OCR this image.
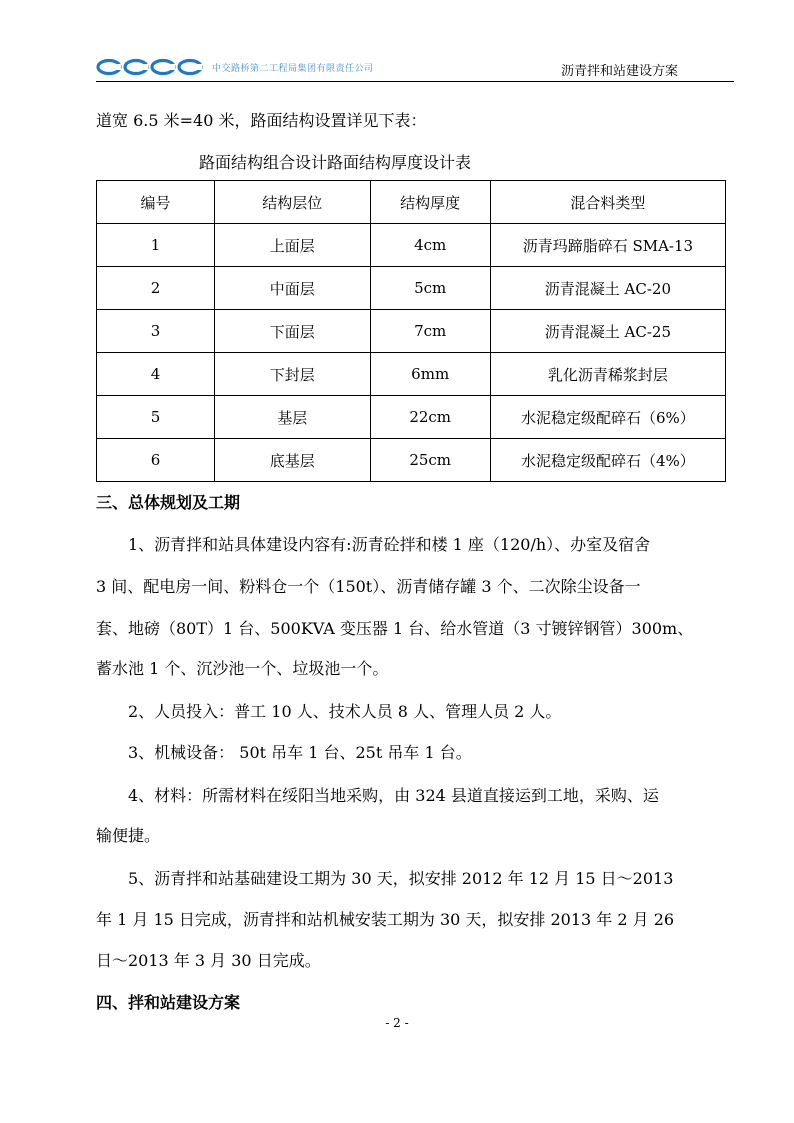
中交路桥第二工程局集团有限责任公司	沥青拌和站建设方案
道宽 6.5 米=40 米，路面结构设置详见下表：
路面结构组合设计路面结构厚度设计表
编号	结构层位	结构厚度	混合料类型
1	上面层	4cm	沥青玛蹄脂碎石 SMA-13
2	中面层	5cm	沥青混凝土 AC-20
3	下面层	7cm	沥青混凝土 AC-25
4	下封层	6mm	乳化沥青稀浆封层
5	基层	22cm	水泥稳定级配碎石（6%）
6	底基层	25cm	水泥稳定级配碎石（4%）
三、总体规划及工期
1、沥青拌和站具体建设内容有:沥青砼拌和楼 1 座（120/h）、办室及宿舍
3 间、配电房一间、粉料仓一个（150t）、沥青储存罐 3 个、二次除尘设备一
套、地磅（80T）1 台、500KVA 变压器 1 台、给水管道（3 寸镀锌钢管）300m、
蓄水池 1 个、沉沙池一个、垃圾池一个。
2、人员投入：普工 10 人、技术人员 8 人、管理人员 2 人。
3、机械设备： 50t 吊车 1 台、25t 吊车 1 台。
4、材料：所需材料在绥阳当地采购，由 324 县道直接运到工地，采购、运
输便捷。
5、沥青拌和站基础建设工期为 30 天，拟安排 2012 年 12 月 15 日～2013
年 1 月 15 日完成，沥青拌和站机械安装工期为 30 天，拟安排 2013 年 2 月 26
日～2013 年 3 月 30 日完成。
四、拌和站建设方案
- 2 -
